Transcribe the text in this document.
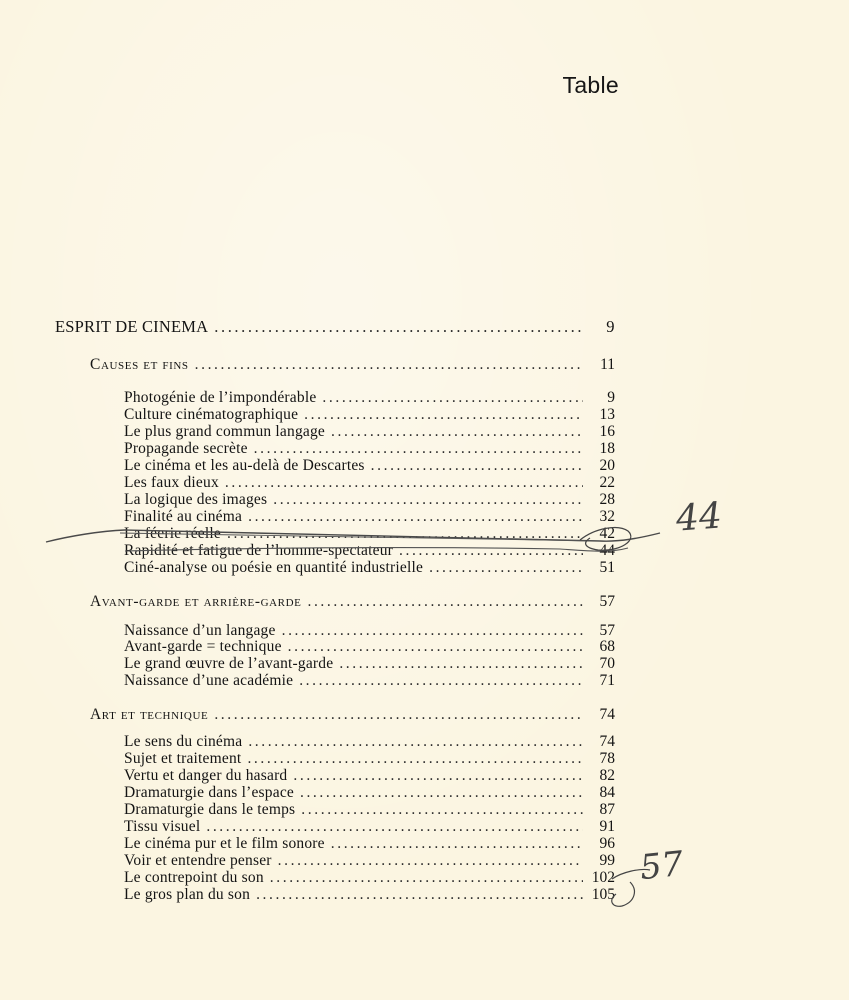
Table
ESPRIT DE CINEMA .....	9
Causes et fins .....	11
Photogénie de l’impondérable .....	9
Culture cinématographique .....	13
Le plus grand commun langage .....	16
Propagande secrète .....	18
Le cinéma et les au-delà de Descartes .....	20
Les faux dieux .....	22
La logique des images .....	28
Finalité au cinéma .....	32
La féerie réelle .....	42
Rapidité et fatigue de l’homme-spectateur .....	44
Ciné-analyse ou poésie en quantité industrielle .....	51
Avant-garde et arrière-garde .....	57
Naissance d’un langage .....	57
Avant-garde = technique .....	68
Le grand œuvre de l’avant-garde .....	70
Naissance d’une académie .....	71
Art et technique .....	74
Le sens du cinéma .....	74
Sujet et traitement .....	78
Vertu et danger du hasard .....	82
Dramaturgie dans l’espace .....	84
Dramaturgie dans le temps .....	87
Tissu visuel .....	91
Le cinéma pur et le film sonore .....	96
Voir et entendre penser .....	99
Le contrepoint du son .....	102
Le gros plan du son .....	105
44
57
